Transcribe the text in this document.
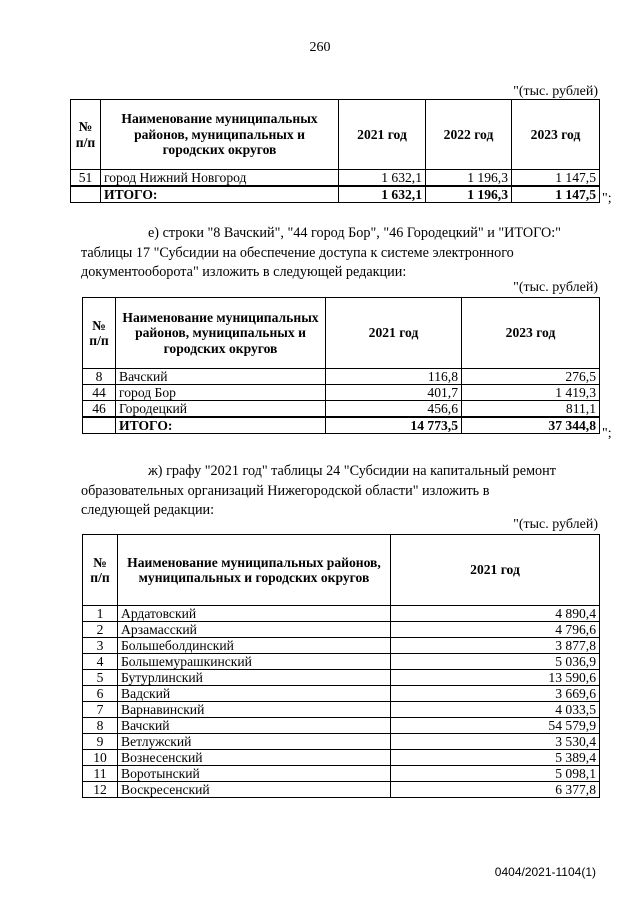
260
"(тыс. рублей)
№ п/п	Наименование муниципальных районов, муниципальных и городских округов	2021 год	2022 год	2023 год
51	город Нижний Новгород	1 632,1	1 196,3	1 147,5
	ИТОГО:	1 632,1	1 196,3	1 147,5 ";
е) строки "8 Вачский", "44 город Бор", "46 Городецкий" и "ИТОГО:"
таблицы 17 "Субсидии на обеспечение доступа к системе электронного
документооборота" изложить в следующей редакции:
"(тыс. рублей)
№ п/п	Наименование муниципальных районов, муниципальных и городских округов	2021 год	2023 год
8	Вачский	116,8	276,5
44	город Бор	401,7	1 419,3
46	Городецкий	456,6	811,1
	ИТОГО:	14 773,5	37 344,8
";
ж) графу "2021 год" таблицы 24 "Субсидии на капитальный ремонт
образовательных организаций Нижегородской области" изложить в
следующей редакции:
"(тыс. рублей)
№ п/п	Наименование муниципальных районов, муниципальных и городских округов	2021 год
1	Ардатовский	4 890,4
2	Арзамасский	4 796,6
3	Большеболдинский	3 877,8
4	Большемурашкинский	5 036,9
5	Бутурлинский	13 590,6
6	Вадский	3 669,6
7	Варнавинский	4 033,5
8	Вачский	54 579,9
9	Ветлужский	3 530,4
10	Вознесенский	5 389,4
11	Воротынский	5 098,1
12	Воскресенский	6 377,8
0404/2021-1104(1)
